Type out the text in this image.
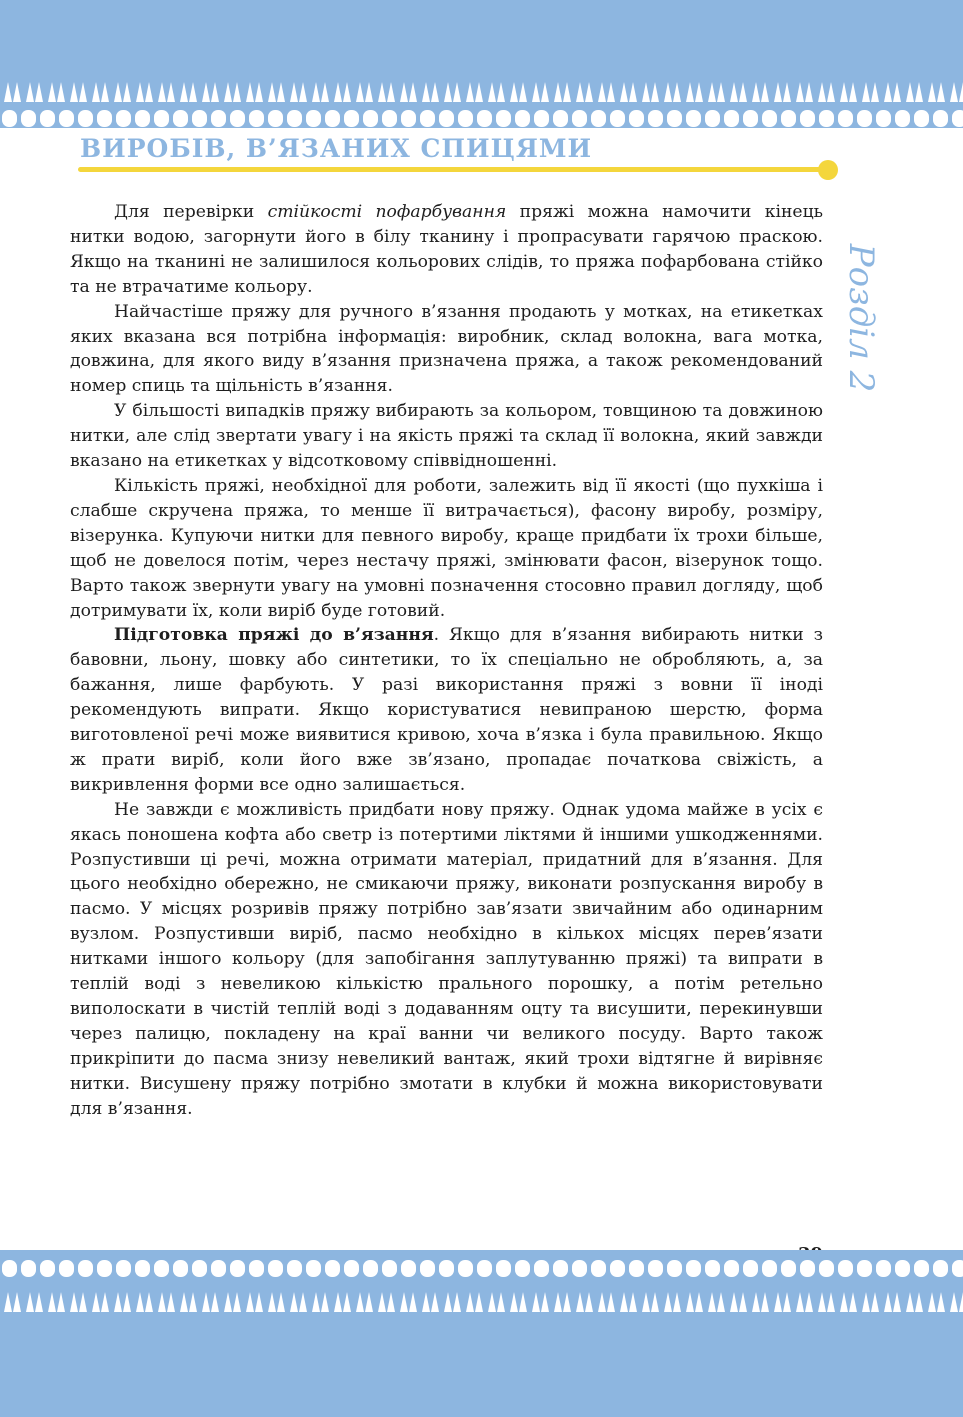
ВИРОБІВ, В’ЯЗАНИХ СПИЦЯМИ
Розділ 2

Для перевірки стійкості пофарбування пряжі можна намочити кінець нитки водою, загорнути його в білу тканину і пропрасувати гарячою праскою. Якщо на тканині не залишилося кольорових слідів, то пряжа пофарбована стійко та не втрачатиме кольору.

Найчастіше пряжу для ручного в’язання продають у мотках, на етикетках яких вказана вся потрібна інформація: виробник, склад волокна, вага мотка, довжина, для якого виду в’язання призначена пряжа, а також рекомендований номер спиць та щільність в’язання.

У більшості випадків пряжу вибирають за кольором, товщиною та довжиною нитки, але слід звертати увагу і на якість пряжі та склад її волокна, який завжди вказано на етикетках у відсотковому співвідношенні.

Кількість пряжі, необхідної для роботи, залежить від її якості (що пухкіша і слабше скручена пряжа, то менше її витрачається), фасону виробу, розміру, візерунка. Купуючи нитки для певного виробу, краще придбати їх трохи більше, щоб не довелося потім, через нестачу пряжі, змінювати фасон, візерунок тощо. Варто також звернути увагу на умовні позначення стосовно правил догляду, щоб дотримувати їх, коли виріб буде готовий.

Підготовка пряжі до в’язання. Якщо для в’язання вибирають нитки з бавовни, льону, шовку або синтетики, то їх спеціально не обробляють, а, за бажання, лише фарбують. У разі використання пряжі з вовни її іноді рекомендують випрати. Якщо користуватися невипраною шерстю, форма виготовленої речі може виявитися кривою, хоча в’язка і була правильною. Якщо ж прати виріб, коли його вже зв’язано, пропадає початкова свіжість, а викривлення форми все одно залишається.

Не завжди є можливість придбати нову пряжу. Однак удома майже в усіх є якась поношена кофта або светр із потертими ліктями й іншими ушкодженнями. Розпустивши ці речі, можна отримати матеріал, придатний для в’язання. Для цього необхідно обережно, не смикаючи пряжу, виконати розпускання виробу в пасмо. У місцях розривів пряжу потрібно зав’язати звичайним або одинарним вузлом. Розпустивши виріб, пасмо необхідно в кількох місцях перев’язати нитками іншого кольору (для запобігання заплутуванню пряжі) та випрати в теплій воді з невеликою кількістю прального порошку, а потім ретельно виполоскати в чистій теплій воді з додаванням оцту та висушити, перекинувши через палицю, покладену на краї ванни чи великого посуду. Варто також прикріпити до пасма знизу невеликий вантаж, який трохи відтягне й вирівняє нитки. Висушену пряжу потрібно змотати в клубки й можна використовувати для в’язання.
